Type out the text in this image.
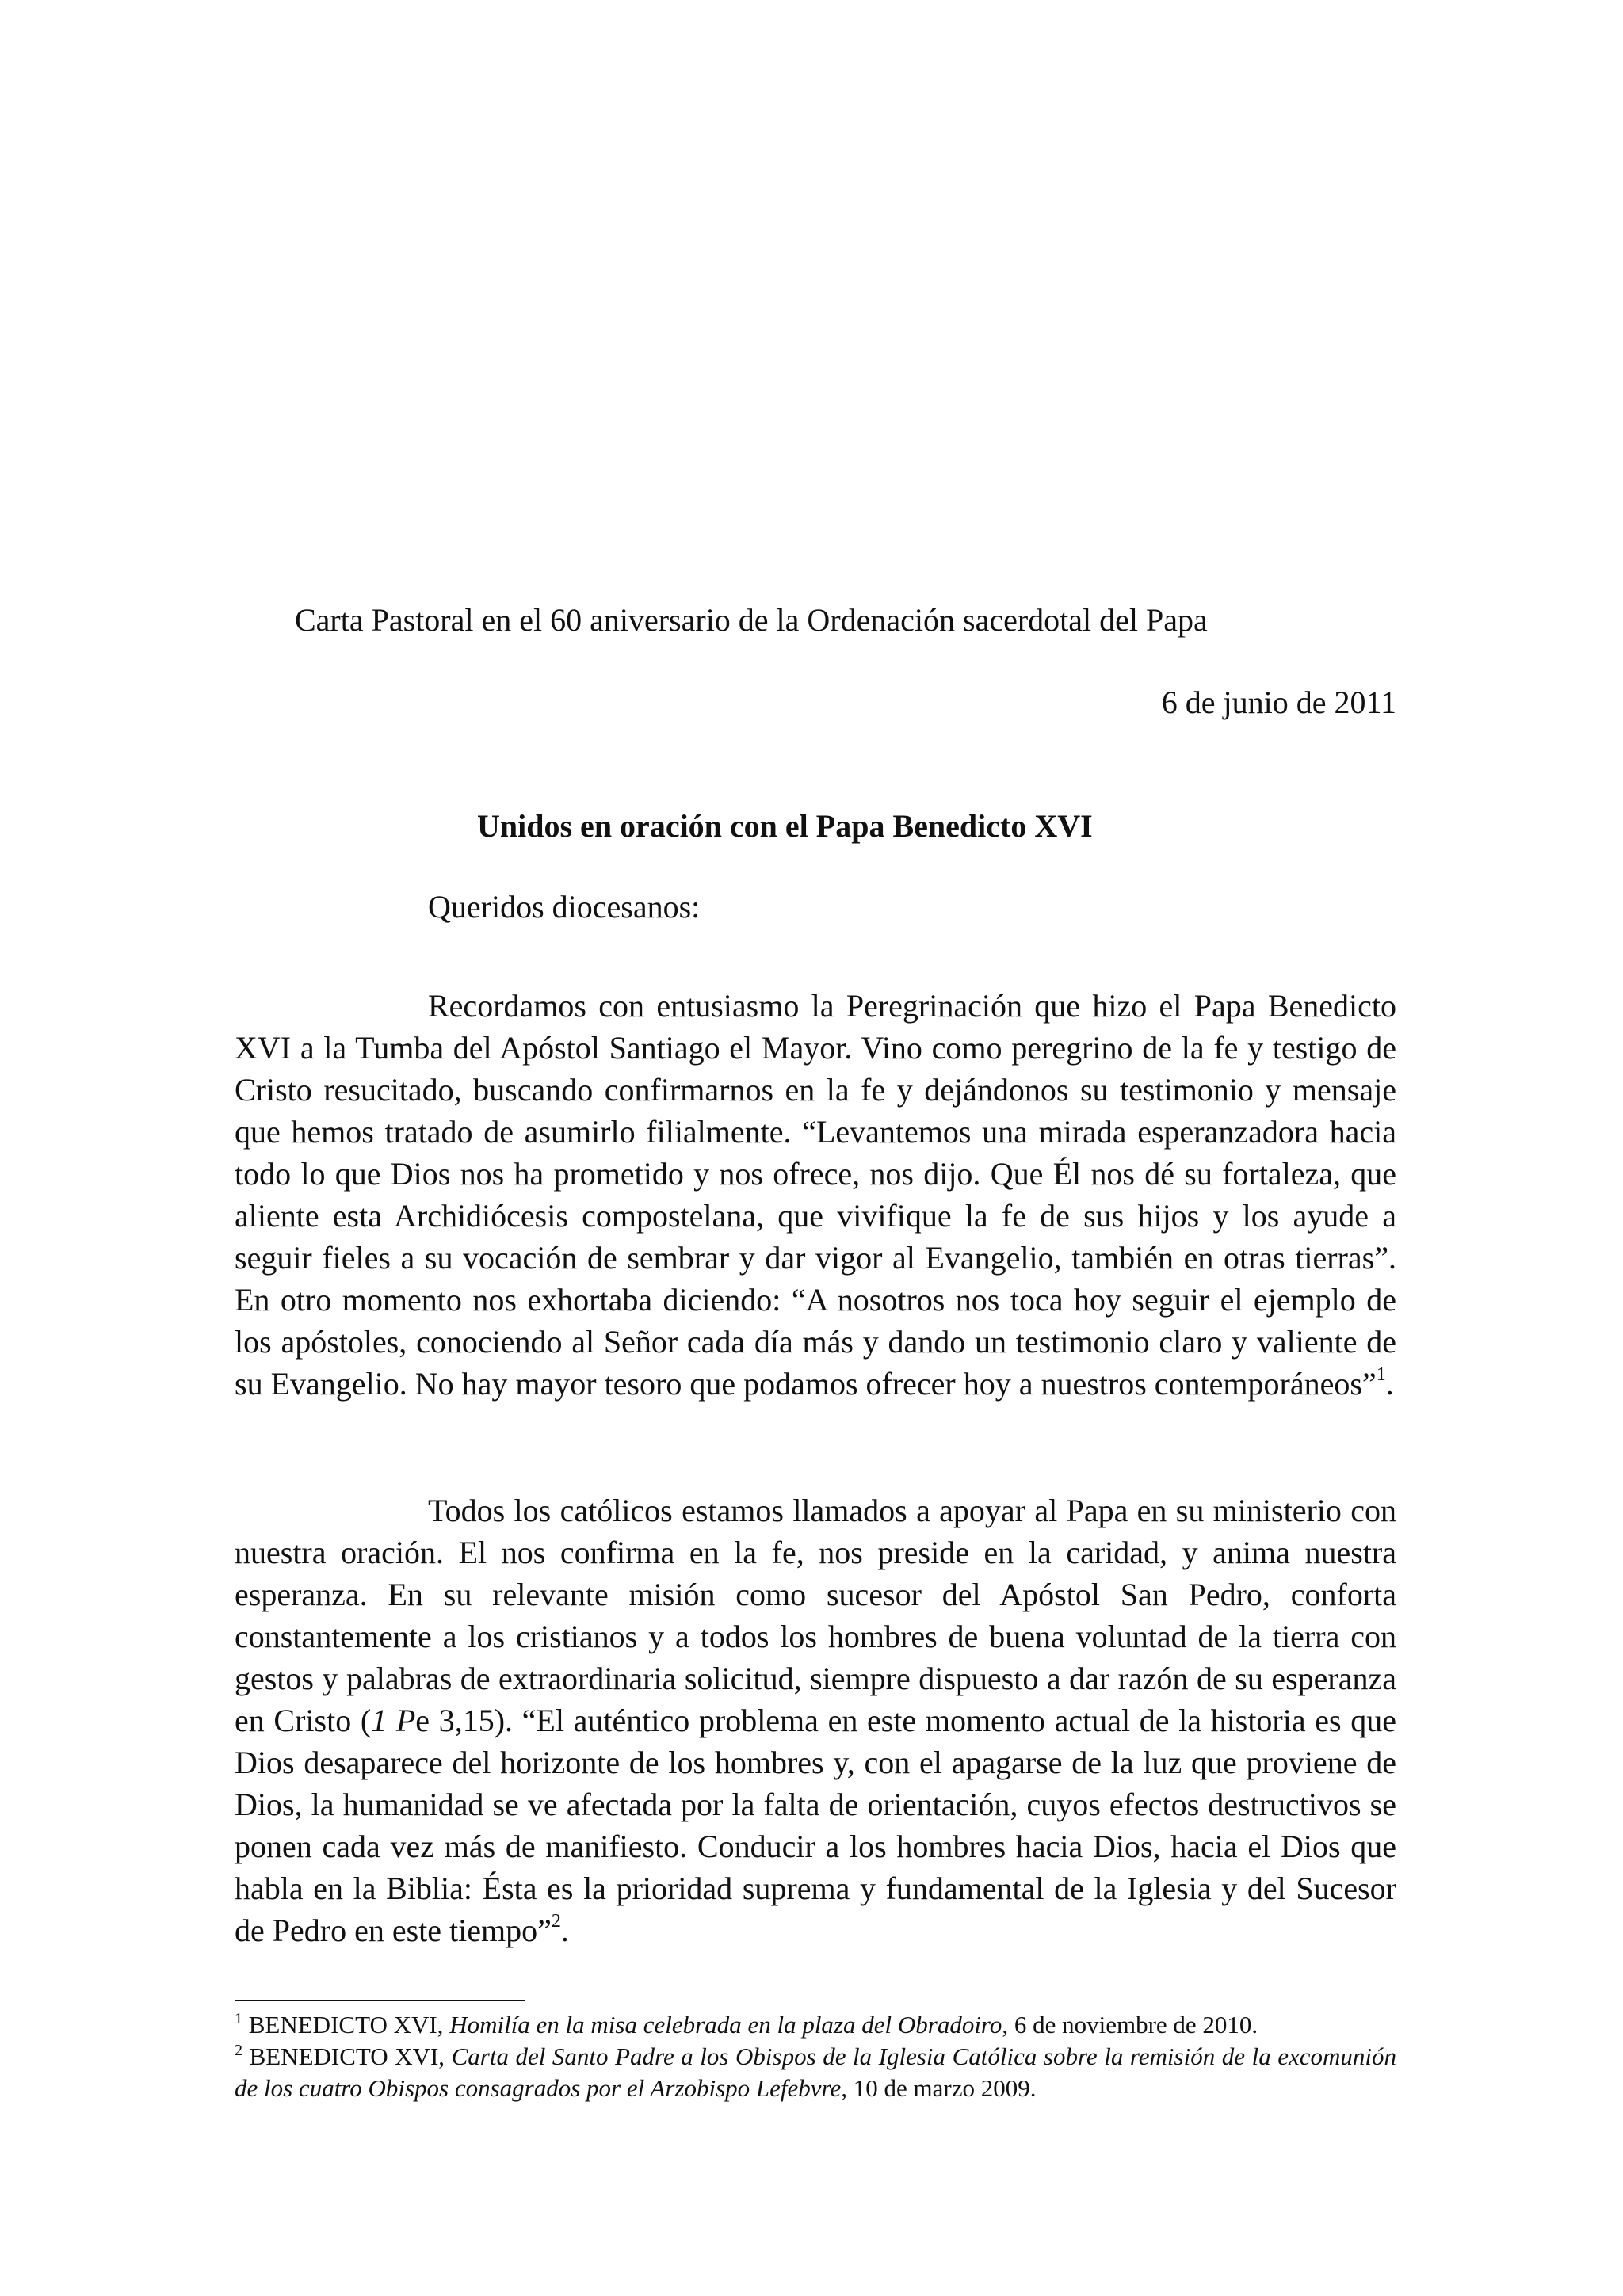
Carta Pastoral en el 60 aniversario de la Ordenación sacerdotal del Papa
6 de junio de 2011
Unidos en oración con el Papa Benedicto XVI
Queridos diocesanos:

Recordamos con entusiasmo la Peregrinación que hizo el Papa Benedicto XVI a la Tumba del Apóstol Santiago el Mayor. Vino como peregrino de la fe y testigo de Cristo resucitado, buscando confirmarnos en la fe y dejándonos su testimonio y mensaje que hemos tratado de asumirlo filialmente. “Levantemos una mirada esperanzadora hacia todo lo que Dios nos ha prometido y nos ofrece, nos dijo. Que Él nos dé su fortaleza, que aliente esta Archidiócesis compostelana, que vivifique la fe de sus hijos y los ayude a seguir fieles a su vocación de sembrar y dar vigor al Evangelio, también en otras tierras”. En otro momento nos exhortaba diciendo: “A nosotros nos toca hoy seguir el ejemplo de los apóstoles, conociendo al Señor cada día más y dando un testimonio claro y valiente de su Evangelio. No hay mayor tesoro que podamos ofrecer hoy a nuestros contemporáneos”$^1$.

Todos los católicos estamos llamados a apoyar al Papa en su ministerio con nuestra oración. El nos confirma en la fe, nos preside en la caridad, y anima nuestra esperanza. En su relevante misión como sucesor del Apóstol San Pedro, conforta constantemente a los cristianos y a todos los hombres de buena voluntad de la tierra con gestos y palabras de extraordinaria solicitud, siempre dispuesto a dar razón de su esperanza en Cristo (1 Pe 3,15). “El auténtico problema en este momento actual de la historia es que Dios desaparece del horizonte de los hombres y, con el apagarse de la luz que proviene de Dios, la humanidad se ve afectada por la falta de orientación, cuyos efectos destructivos se ponen cada vez más de manifiesto. Conducir a los hombres hacia Dios, hacia el Dios que habla en la Biblia: Ésta es la prioridad suprema y fundamental de la Iglesia y del Sucesor de Pedro en este tiempo”$^2$.

$^1$ BENEDICTO XVI, Homilía en la misa celebrada en la plaza del Obradoiro, 6 de noviembre de 2010.

$^2$ BENEDICTO XVI, Carta del Santo Padre a los Obispos de la Iglesia Católica sobre la remisión de la excomunión de los cuatro Obispos consagrados por el Arzobispo Lefebvre, 10 de marzo 2009.
